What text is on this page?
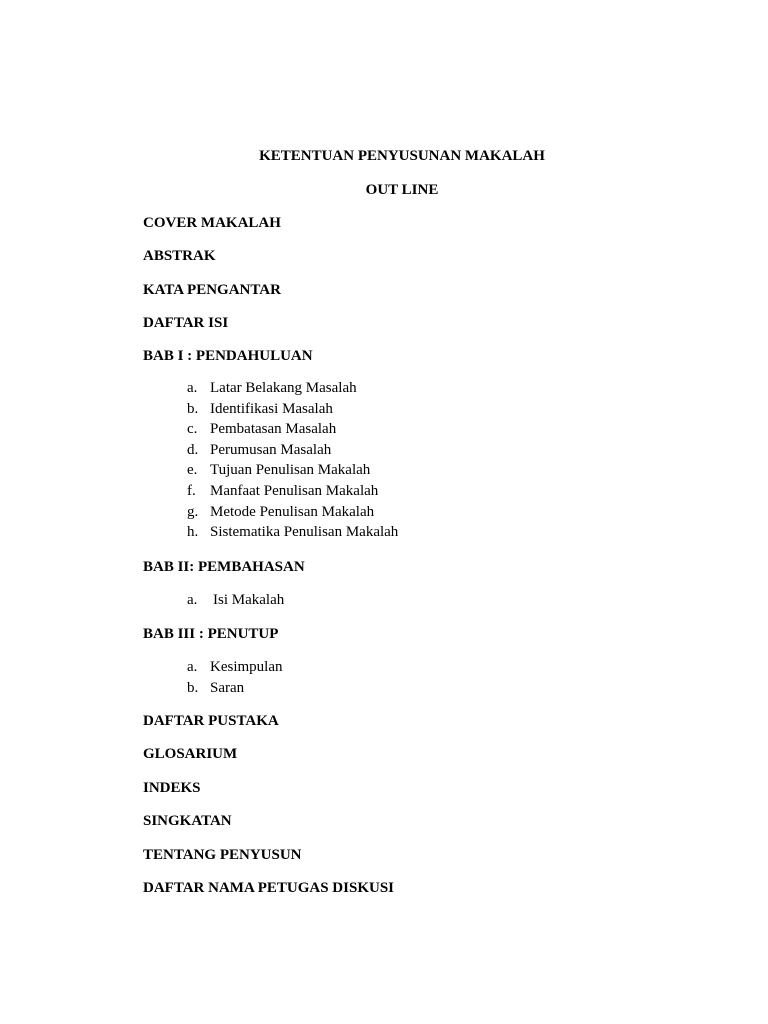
KETENTUAN PENYUSUNAN MAKALAH
OUT LINE
COVER MAKALAH
ABSTRAK
KATA PENGANTAR
DAFTAR ISI
BAB I : PENDAHULUAN
a. Latar Belakang Masalah
b. Identifikasi Masalah
c. Pembatasan Masalah
d. Perumusan Masalah
e. Tujuan Penulisan Makalah
f. Manfaat Penulisan Makalah
g. Metode Penulisan Makalah
h. Sistematika Penulisan Makalah
BAB II: PEMBAHASAN
a. Isi Makalah
BAB III : PENUTUP
a. Kesimpulan
b. Saran
DAFTAR PUSTAKA
GLOSARIUM
INDEKS
SINGKATAN
TENTANG PENYUSUN
DAFTAR NAMA PETUGAS DISKUSI
